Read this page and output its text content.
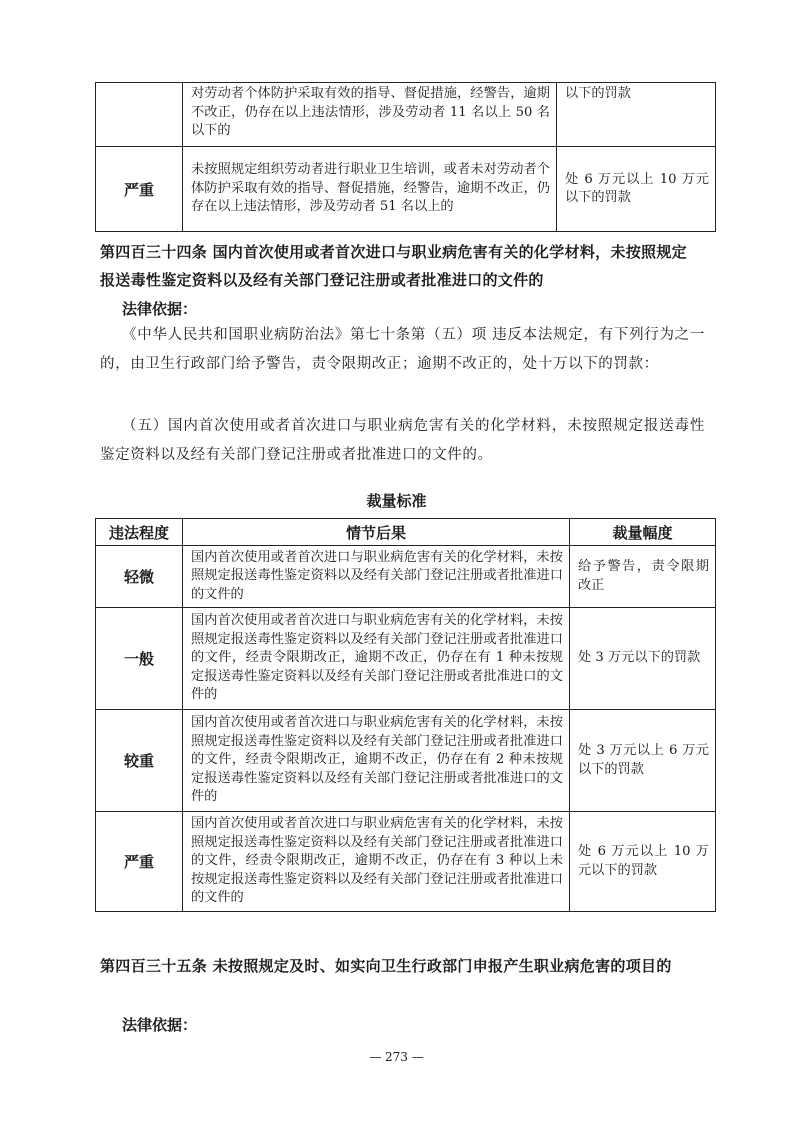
	对劳动者个体防护采取有效的指导、督促措施，经警告，逾期不改正，仍存在以上违法情形，涉及劳动者 11 名以上 50 名以下的	以下的罚款
严重	未按照规定组织劳动者进行职业卫生培训，或者未对劳动者个体防护采取有效的指导、督促措施，经警告，逾期不改正，仍存在以上违法情形，涉及劳动者 51 名以上的	处 6 万元以上 10 万元以下的罚款
第四百三十四条 国内首次使用或者首次进口与职业病危害有关的化学材料，未按照规定报送毒性鉴定资料以及经有关部门登记注册或者批准进口的文件的
法律依据：
《中华人民共和国职业病防治法》第七十条第（五）项 违反本法规定，有下列行为之一的，由卫生行政部门给予警告，责令限期改正；逾期不改正的，处十万以下的罚款：
（五）国内首次使用或者首次进口与职业病危害有关的化学材料，未按照规定报送毒性鉴定资料以及经有关部门登记注册或者批准进口的文件的。
裁量标准
违法程度	情节后果	裁量幅度
轻微	国内首次使用或者首次进口与职业病危害有关的化学材料，未按照规定报送毒性鉴定资料以及经有关部门登记注册或者批准进口的文件的	给予警告，责令限期改正
一般	国内首次使用或者首次进口与职业病危害有关的化学材料，未按照规定报送毒性鉴定资料以及经有关部门登记注册或者批准进口的文件，经责令限期改正，逾期不改正，仍存在有 1 种未按规定报送毒性鉴定资料以及经有关部门登记注册或者批准进口的文件的	处 3 万元以下的罚款
较重	国内首次使用或者首次进口与职业病危害有关的化学材料，未按照规定报送毒性鉴定资料以及经有关部门登记注册或者批准进口的文件，经责令限期改正，逾期不改正，仍存在有 2 种未按规定报送毒性鉴定资料以及经有关部门登记注册或者批准进口的文件的	处 3 万元以上 6 万元以下的罚款
严重	国内首次使用或者首次进口与职业病危害有关的化学材料，未按照规定报送毒性鉴定资料以及经有关部门登记注册或者批准进口的文件，经责令限期改正，逾期不改正，仍存在有 3 种以上未按规定报送毒性鉴定资料以及经有关部门登记注册或者批准进口的文件的	处 6 万元以上 10 万元以下的罚款
第四百三十五条 未按照规定及时、如实向卫生行政部门申报产生职业病危害的项目的
法律依据：
— 273 —
